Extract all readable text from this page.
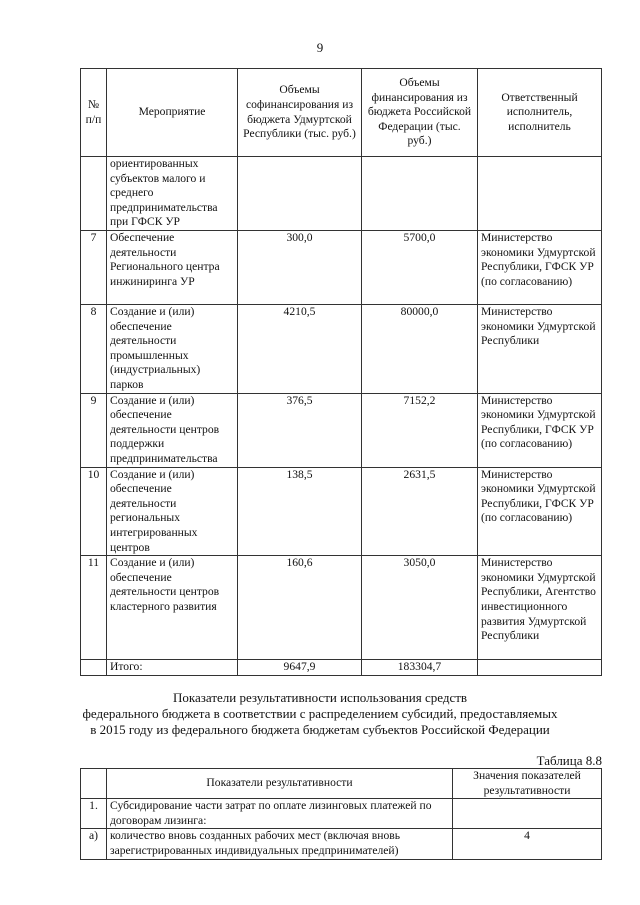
9
№ п/п	Мероприятие	Объемы софинансирования из бюджета Удмуртской Республики (тыс. руб.)	Объемы финансирования из бюджета Российской Федерации (тыс. руб.)	Ответственный исполнитель, исполнитель
	ориентированных субъектов малого и среднего предпринимательства при ГФСК УР			
7	Обеспечение деятельности Регионального центра инжиниринга УР	300,0	5700,0	Министерство экономики Удмуртской Республики, ГФСК УР (по согласованию)
8	Создание и (или) обеспечение деятельности промышленных (индустриальных) парков	4210,5	80000,0	Министерство экономики Удмуртской Республики
9	Создание и (или) обеспечение деятельности центров поддержки предпринимательства	376,5	7152,2	Министерство экономики Удмуртской Республики, ГФСК УР (по согласованию)
10	Создание и (или) обеспечение деятельности региональных интегрированных центров	138,5	2631,5	Министерство экономики Удмуртской Республики, ГФСК УР (по согласованию)
11	Создание и (или) обеспечение деятельности центров кластерного развития	160,6	3050,0	Министерство экономики Удмуртской Республики, Агентство инвестиционного развития Удмуртской Республики
	Итого:	9647,9	183304,7	
Показатели результативности использования средств
федерального бюджета в соответствии с распределением субсидий, предоставляемых
в 2015 году из федерального бюджета бюджетам субъектов Российской Федерации
Таблица 8.8
	Показатели результативности	Значения показателей результативности
1.	Субсидирование части затрат по оплате лизинговых платежей по договорам лизинга:	
а)	количество вновь созданных рабочих мест (включая вновь зарегистрированных индивидуальных предпринимателей)	4
